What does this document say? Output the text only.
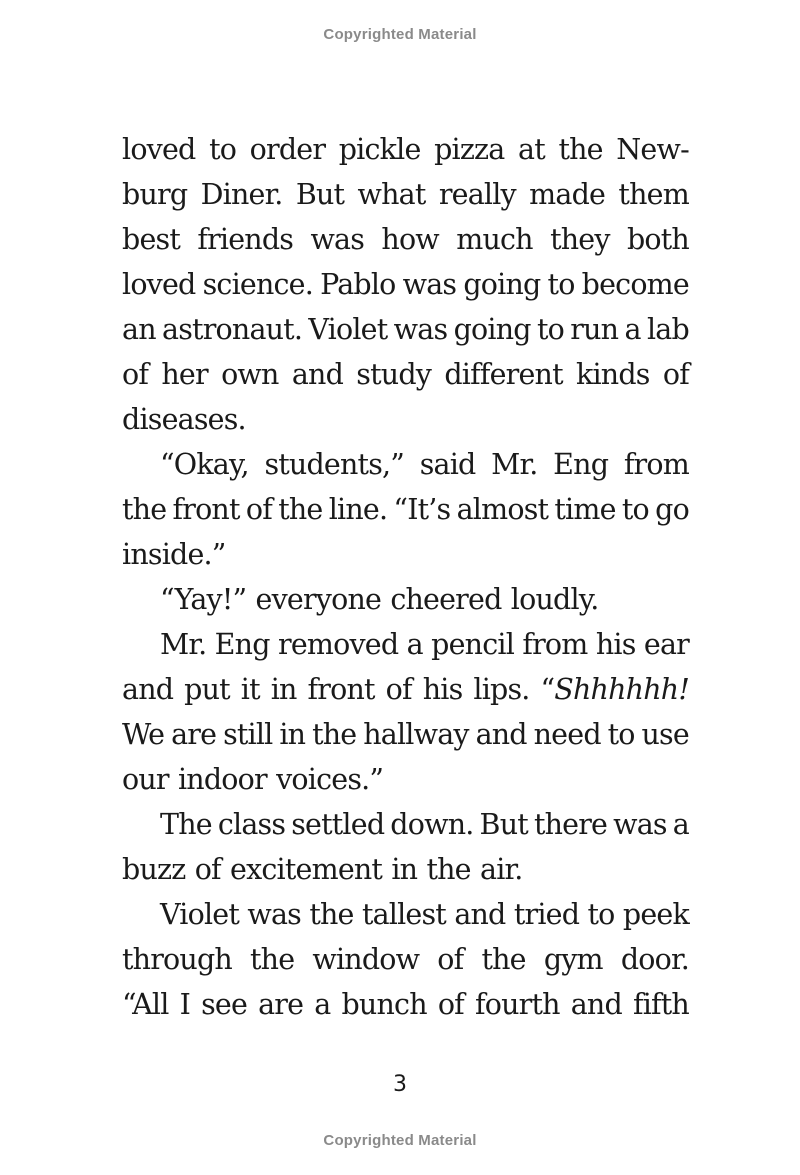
Copyrighted Material
loved to order pickle pizza at the New-
burg Diner. But what really made them
best friends was how much they both
loved science. Pablo was going to become
an astronaut. Violet was going to run a lab
of her own and study different kinds of
diseases.
“Okay, students,” said Mr. Eng from
the front of the line. “It’s almost time to go
inside.”
“Yay!” everyone cheered loudly.
Mr. Eng removed a pencil from his ear
and put it in front of his lips. “Shhhhhh!
We are still in the hallway and need to use
our indoor voices.”
The class settled down. But there was a
buzz of excitement in the air.
Violet was the tallest and tried to peek
through the window of the gym door.
“All I see are a bunch of fourth and fifth
3
Copyrighted Material
